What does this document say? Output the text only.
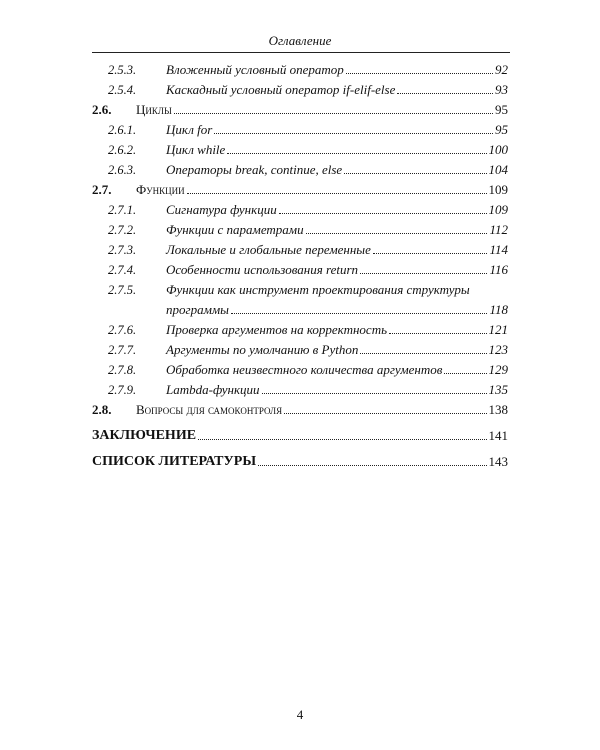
Оглавление
2.5.3.	Вложенный условный оператор	92
2.5.4.	Каскадный условный оператор if-elif-else	93
2.6.	Циклы	95
2.6.1.	Цикл for	95
2.6.2.	Цикл while	100
2.6.3.	Операторы break, continue, else	104
2.7.	Функции	109
2.7.1.	Сигнатура функции	109
2.7.2.	Функции с параметрами	112
2.7.3.	Локальные и глобальные переменные	114
2.7.4.	Особенности использования return	116
2.7.5.	Функции как инструмент проектирования структуры
программы	118
2.7.6.	Проверка аргументов на корректность	121
2.7.7.	Аргументы по умолчанию в Python	123
2.7.8.	Обработка неизвестного количества аргументов	129
2.7.9.	Lambda-функции	135
2.8.	Вопросы для самоконтроля	138
ЗАКЛЮЧЕНИЕ	141
СПИСОК ЛИТЕРАТУРЫ	143
4
